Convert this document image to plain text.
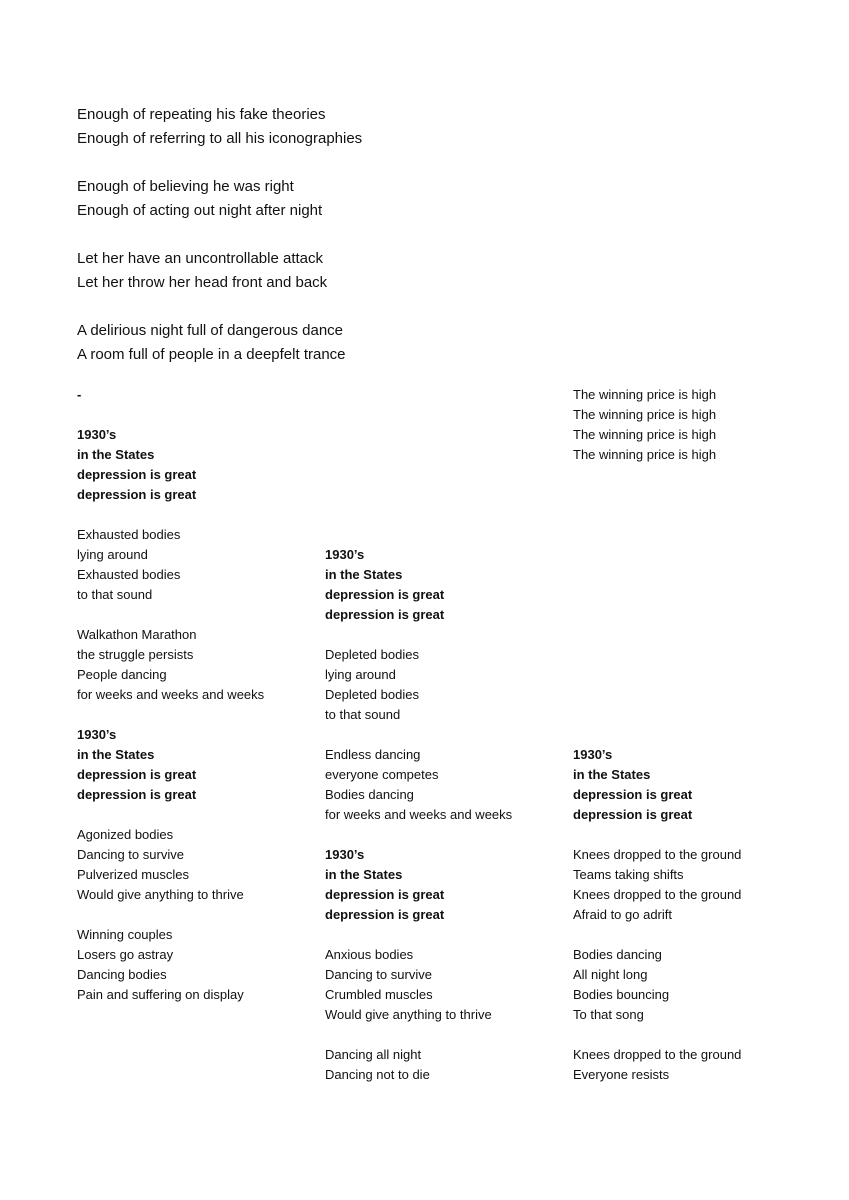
Enough of repeating his fake theories
Enough of referring to all his iconographies
Enough of believing he was right
Enough of acting out night after night
Let her have an uncontrollable attack
Let her throw her head front and back
A delirious night full of dangerous dance
A room full of people in a deepfelt trance
-
1930’s
in the States
depression is great
depression is great
Exhausted bodies
lying around
Exhausted bodies
to that sound
Walkathon Marathon
the struggle persists
People dancing
for weeks and weeks and weeks
1930’s
in the States
depression is great
depression is great
Agonized bodies
Dancing to survive
Pulverized muscles
Would give anything to thrive
Winning couples
Losers go astray
Dancing bodies
Pain and suffering on display
1930’s
in the States
depression is great
depression is great
Depleted bodies
lying around
Depleted bodies
to that sound
Endless dancing
everyone competes
Bodies dancing
for weeks and weeks and weeks
1930’s
in the States
depression is great
depression is great
Anxious bodies
Dancing to survive
Crumbled muscles
Would give anything to thrive
Dancing all night
Dancing not to die
The winning price is high
The winning price is high
The winning price is high
The winning price is high
1930’s
in the States
depression is great
depression is great
Knees dropped to the ground
Teams taking shifts
Knees dropped to the ground
Afraid to go adrift
Bodies dancing
All night long
Bodies bouncing
To that song
Knees dropped to the ground
Everyone resists
